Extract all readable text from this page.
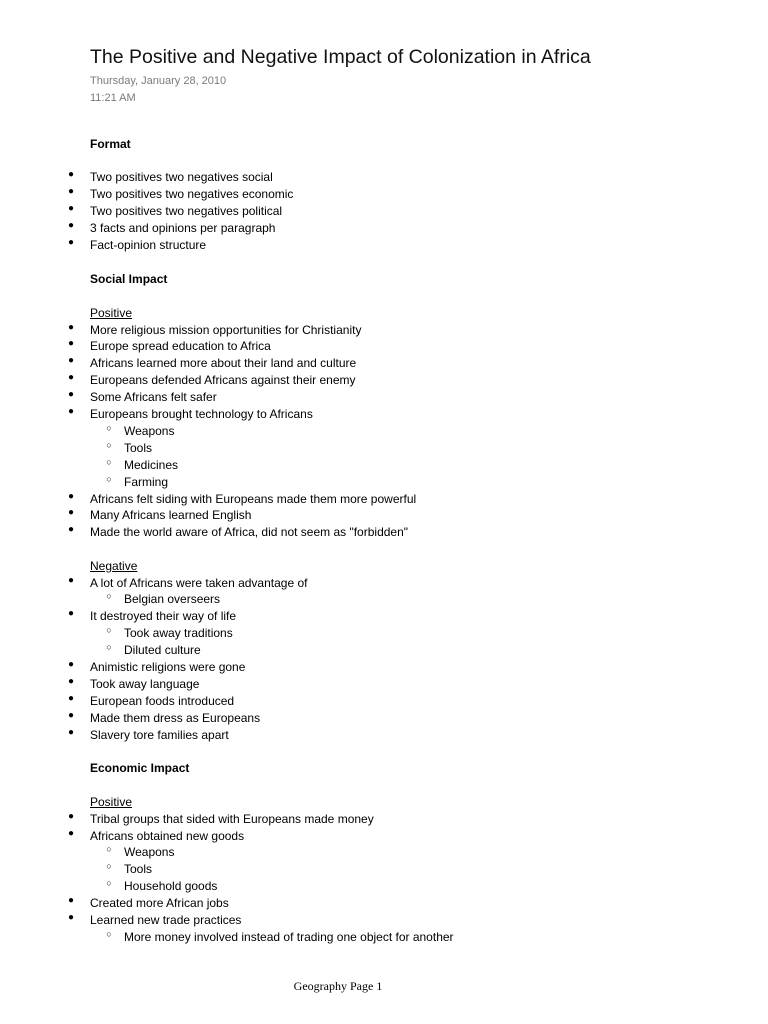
The Positive and Negative Impact of Colonization in Africa
Thursday, January 28, 2010
11:21 AM
Format
● Two positives two negatives social
● Two positives two negatives economic
● Two positives two negatives political
● 3 facts and opinions per paragraph
● Fact-opinion structure
Social Impact
Positive
● More religious mission opportunities for Christianity
● Europe spread education to Africa
● Africans learned more about their land and culture
● Europeans defended Africans against their enemy
● Some Africans felt safer
● Europeans brought technology to Africans
○ Weapons
○ Tools
○ Medicines
○ Farming
● Africans felt siding with Europeans made them more powerful
● Many Africans learned English
● Made the world aware of Africa, did not seem as "forbidden"
Negative
● A lot of Africans were taken advantage of
○ Belgian overseers
● It destroyed their way of life
○ Took away traditions
○ Diluted culture
● Animistic religions were gone
● Took away language
● European foods introduced
● Made them dress as Europeans
● Slavery tore families apart
Economic Impact
Positive
● Tribal groups that sided with Europeans made money
● Africans obtained new goods
○ Weapons
○ Tools
○ Household goods
● Created more African jobs
● Learned new trade practices
○ More money involved instead of trading one object for another
Geography Page 1
